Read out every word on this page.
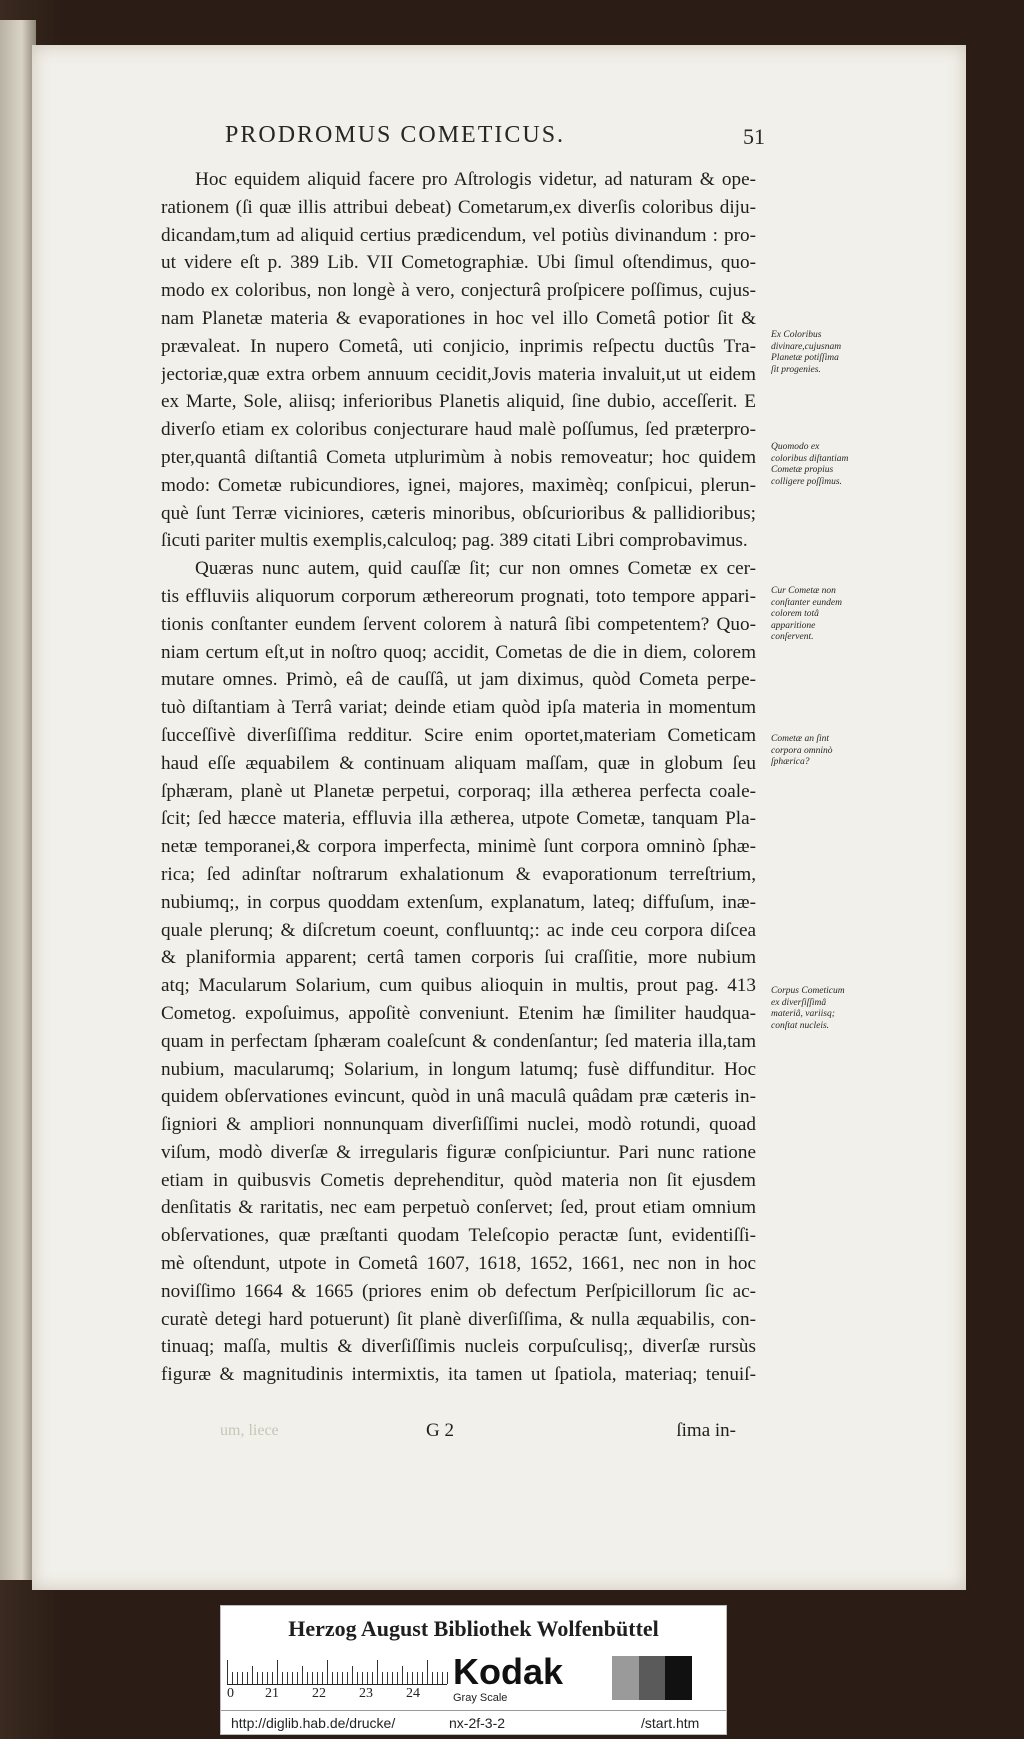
PRODROMUS COMETICUS.	51
Hoc equidem aliquid facere pro Aſtrologis videtur, ad naturam & ope-
rationem (ſi quæ illis attribui debeat) Cometarum,ex diverſis coloribus diju-
dicandam,tum ad aliquid certius prædicendum, vel potiùs divinandum : pro-
ut videre eſt p. 389 Lib. VII Cometographiæ. Ubi ſimul oſtendimus, quo-
modo ex coloribus, non longè à vero, conjecturâ proſpicere poſſimus, cujus-
nam Planetæ materia & evaporationes in hoc vel illo Cometâ potior ſit &
prævaleat. In nupero Cometâ, uti conjicio, inprimis reſpectu ductûs Tra-
jectoriæ,quæ extra orbem annuum cecidit,Jovis materia invaluit,ut ut eidem
ex Marte, Sole, aliisq; inferioribus Planetis aliquid, ſine dubio, acceſſerit. E
diverſo etiam ex coloribus conjecturare haud malè poſſumus, ſed præterpro-
pter,quantâ diſtantiâ Cometa utplurimùm à nobis removeatur; hoc quidem
modo: Cometæ rubicundiores, ignei, majores, maximèq; conſpicui, plerun-
què ſunt Terræ viciniores, cæteris minoribus, obſcurioribus & pallidioribus;
ſicuti pariter multis exemplis,calculoq; pag. 389 citati Libri comprobavimus.
Quæras nunc autem, quid cauſſæ ſit; cur non omnes Cometæ ex cer-
tis effluviis aliquorum corporum æthereorum prognati, toto tempore appari-
tionis conſtanter eundem ſervent colorem à naturâ ſibi competentem? Quo-
niam certum eſt,ut in noſtro quoq; accidit, Cometas de die in diem, colorem
mutare omnes. Primò, eâ de cauſſâ, ut jam diximus, quòd Cometa perpe-
tuò diſtantiam à Terrâ variat; deinde etiam quòd ipſa materia in momentum
ſucceſſivè diverſiſſima redditur. Scire enim oportet,materiam Cometicam
haud eſſe æquabilem & continuam aliquam maſſam, quæ in globum ſeu
ſphæram, planè ut Planetæ perpetui, corporaq; illa ætherea perfecta coale-
ſcit; ſed hæcce materia, effluvia illa ætherea, utpote Cometæ, tanquam Pla-
netæ temporanei,& corpora imperfecta, minimè ſunt corpora omninò ſphæ-
rica; ſed adinſtar noſtrarum exhalationum & evaporationum terreſtrium,
nubiumq;, in corpus quoddam extenſum, explanatum, lateq; diffuſum, inæ-
quale plerunq; & diſcretum coeunt, confluuntq;: ac inde ceu corpora diſcea
& planiformia apparent; certâ tamen corporis ſui craſſitie, more nubium
atq; Macularum Solarium, cum quibus alioquin in multis, prout pag. 413
Cometog. expoſuimus, appoſitè conveniunt. Etenim hæ ſimiliter haudqua-
quam in perfectam ſphæram coaleſcunt & condenſantur; ſed materia illa,tam
nubium, macularumq; Solarium, in longum latumq; fusè diffunditur. Hoc
quidem obſervationes evincunt, quòd in unâ maculâ quâdam præ cæteris in-
ſigniori & ampliori nonnunquam diverſiſſimi nuclei, modò rotundi, quoad
viſum, modò diverſæ & irregularis figuræ conſpiciuntur. Pari nunc ratione
etiam in quibusvis Cometis deprehenditur, quòd materia non ſit ejusdem
denſitatis & raritatis, nec eam perpetuò conſervet; ſed, prout etiam omnium
obſervationes, quæ præſtanti quodam Teleſcopio peractæ ſunt, evidentiſſi-
mè oſtendunt, utpote in Cometâ 1607, 1618, 1652, 1661, nec non in hoc
noviſſimo 1664 & 1665 (priores enim ob defectum Perſpicillorum ſic ac-
curatè detegi hard potuerunt) ſit planè diverſiſſima, & nulla æquabilis, con-
tinuaq; maſſa, multis & diverſiſſimis nucleis corpuſculisq;, diverſæ rursùs
figuræ & magnitudinis intermixtis, ita tamen ut ſpatiola, materiaq; tenuiſ-
Ex Coloribus divinare,cujusnam Planetæ potiſſima ſit progenies.
Quomodo ex coloribus diſtantiam Cometæ propius colligere poſſimus.
Cur Cometæ non conſtanter eundem colorem totâ apparitione conſervent.
Cometæ an ſint corpora omninò ſphærica?
Corpus Cometicum ex diverſiſſimâ materiâ, variisq; conſtat nucleis.
G 2	ſima in-
um, liece
Herzog August Bibliothek Wolfenbüttel
0 21 22 23 24
Kodak
Gray Scale
http://diglib.hab.de/drucke/	nx-2f-3-2	/start.htm
